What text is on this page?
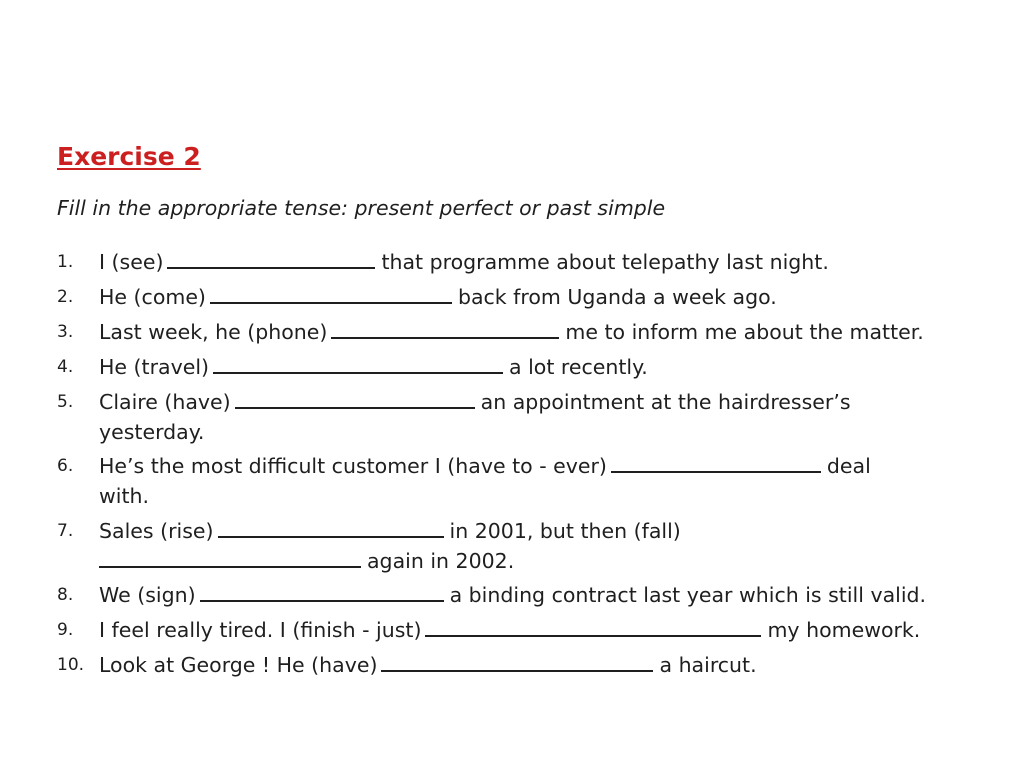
Exercise 2
Fill in the appropriate tense: present perfect or past simple
1.	I (see)	that programme about telepathy last night.
2.	He (come)	back from Uganda a week ago.
3.	Last week, he (phone)	me to inform me about the matter.
4.	He (travel)	a lot recently.
5.	Claire (have)	an appointment at the hairdresser’s
yesterday.
6.	He’s the most difficult customer I (have to - ever)	deal
with.
7.	Sales (rise)	in 2001, but then (fall)
again in 2002.
8.	We (sign)	a binding contract last year which is still valid.
9.	I feel really tired. I (finish - just)	my homework.
10. Look at George ! He (have)	a haircut.
